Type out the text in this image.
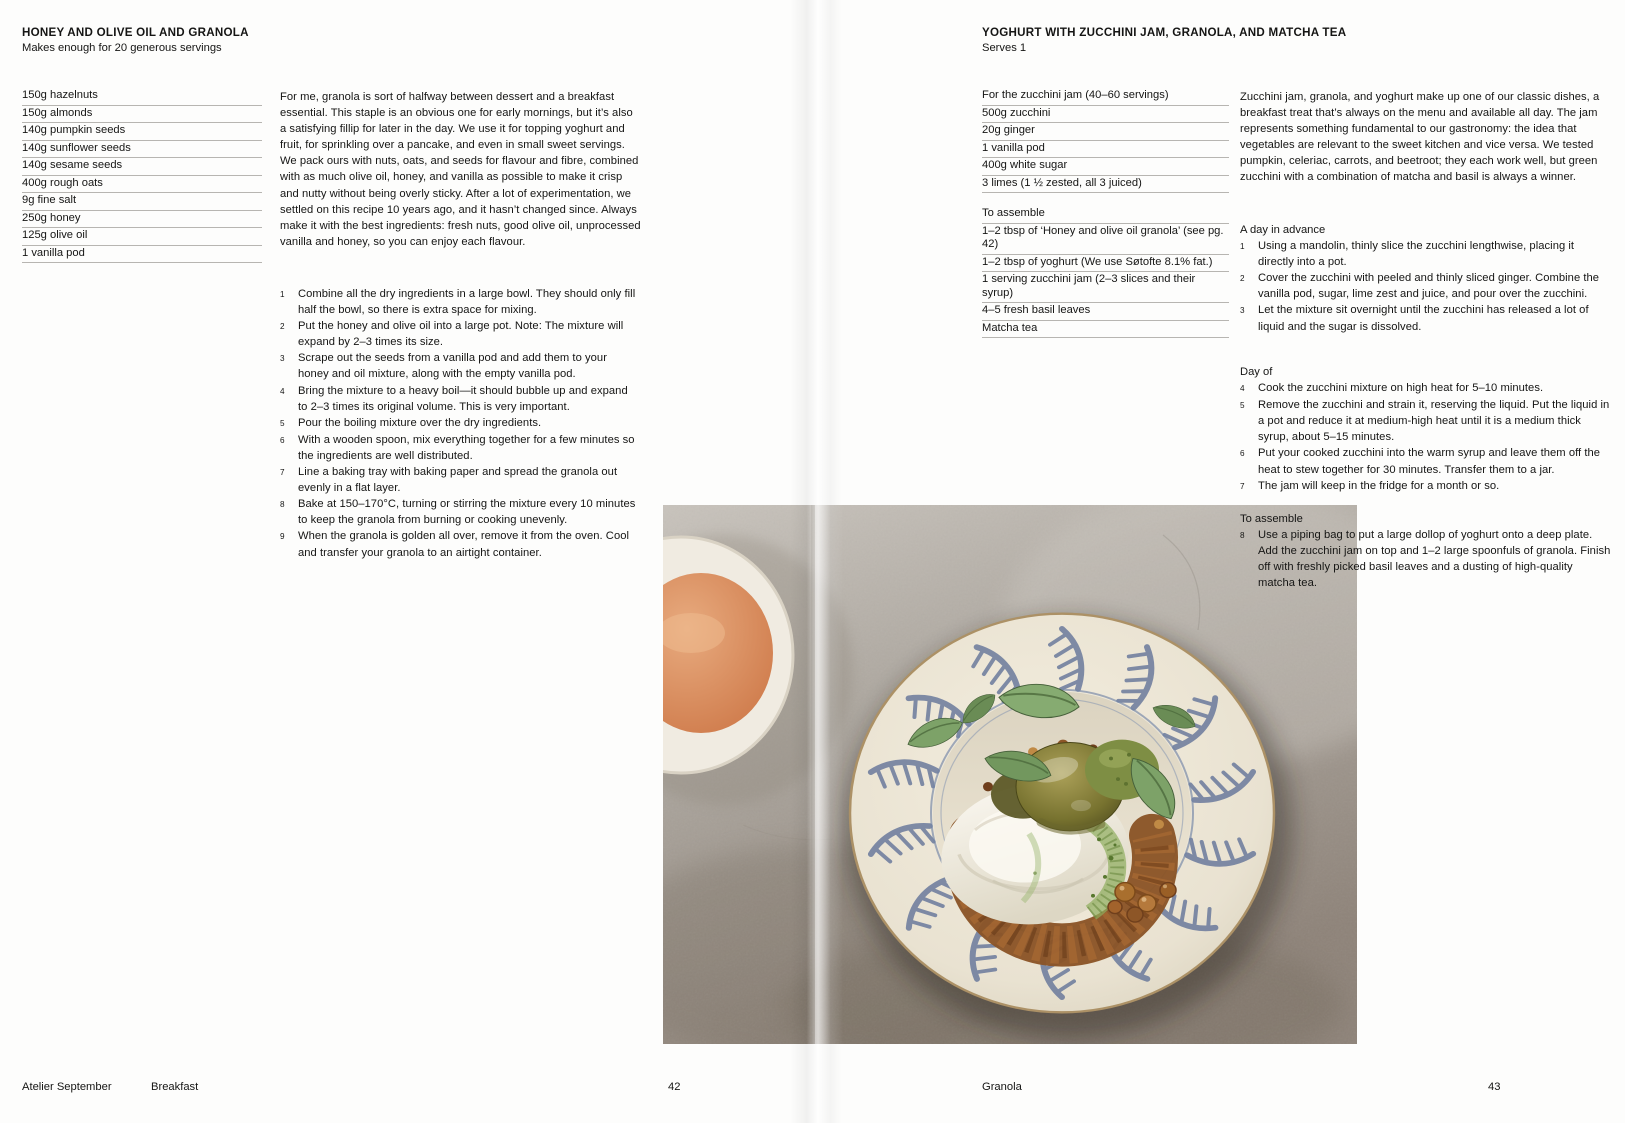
HONEY AND OLIVE OIL AND GRANOLA
Makes enough for 20 generous servings
150g hazelnuts
150g almonds
140g pumpkin seeds
140g sunflower seeds
140g sesame seeds
400g rough oats
9g fine salt
250g honey
125g olive oil
1 vanilla pod
For me, granola is sort of halfway between dessert and a breakfast essential. This staple is an obvious one for early mornings, but it’s also a satisfying fillip for later in the day. We use it for topping yoghurt and fruit, for sprinkling over a pancake, and even in small sweet servings. We pack ours with nuts, oats, and seeds for flavour and fibre, combined with as much olive oil, honey, and vanilla as possible to make it crisp and nutty without being overly sticky. After a lot of experimentation, we settled on this recipe 10 years ago, and it hasn’t changed since. Always make it with the best ingredients: fresh nuts, good olive oil, unprocessed vanilla and honey, so you can enjoy each flavour.
1	Combine all the dry ingredients in a large bowl. They should only fill half the bowl, so there is extra space for mixing.
2	Put the honey and olive oil into a large pot. Note: The mixture will expand by 2–3 times its size.
3	Scrape out the seeds from a vanilla pod and add them to your honey and oil mixture, along with the empty vanilla pod.
4	Bring the mixture to a heavy boil—it should bubble up and expand to 2–3 times its original volume. This is very important.
5	Pour the boiling mixture over the dry ingredients.
6	With a wooden spoon, mix everything together for a few minutes so the ingredients are well distributed.
7	Line a baking tray with baking paper and spread the granola out evenly in a flat layer.
8	Bake at 150–170°C, turning or stirring the mixture every 10 minutes to keep the granola from burning or cooking unevenly.
9	When the granola is golden all over, remove it from the oven. Cool and transfer your granola to an airtight container.
YOGHURT WITH ZUCCHINI JAM, GRANOLA, AND MATCHA TEA
Serves 1
For the zucchini jam (40–60 servings)
500g zucchini
20g ginger
1 vanilla pod
400g white sugar
3 limes (1 ½ zested, all 3 juiced)
To assemble
1–2 tbsp of ‘Honey and olive oil granola’ (see pg. 42)
1–2 tbsp of yoghurt (We use Søtofte 8.1% fat.)
1 serving zucchini jam (2–3 slices and their syrup)
4–5 fresh basil leaves
Matcha tea
Zucchini jam, granola, and yoghurt make up one of our classic dishes, a breakfast treat that’s always on the menu and available all day. The jam represents something fundamental to our gastronomy: the idea that vegetables are relevant to the sweet kitchen and vice versa. We tested pumpkin, celeriac, carrots, and beetroot; they each work well, but green zucchini with a combination of matcha and basil is always a winner.
A day in advance
1	Using a mandolin, thinly slice the zucchini lengthwise, placing it directly into a pot.
2	Cover the zucchini with peeled and thinly sliced ginger. Combine the vanilla pod, sugar, lime zest and juice, and pour over the zucchini.
3	Let the mixture sit overnight until the zucchini has released a lot of liquid and the sugar is dissolved.
Day of
4	Cook the zucchini mixture on high heat for 5–10 minutes.
5	Remove the zucchini and strain it, reserving the liquid. Put the liquid in a pot and reduce it at medium-high heat until it is a medium thick syrup, about 5–15 minutes.
6	Put your cooked zucchini into the warm syrup and leave them off the heat to stew together for 30 minutes. Transfer them to a jar.
7	The jam will keep in the fridge for a month or so.
To assemble
8	Use a piping bag to put a large dollop of yoghurt onto a deep plate. Add the zucchini jam on top and 1–2 large spoonfuls of granola. Finish off with freshly picked basil leaves and a dusting of high-quality matcha tea.
Atelier September	Breakfast	42	Granola	43
